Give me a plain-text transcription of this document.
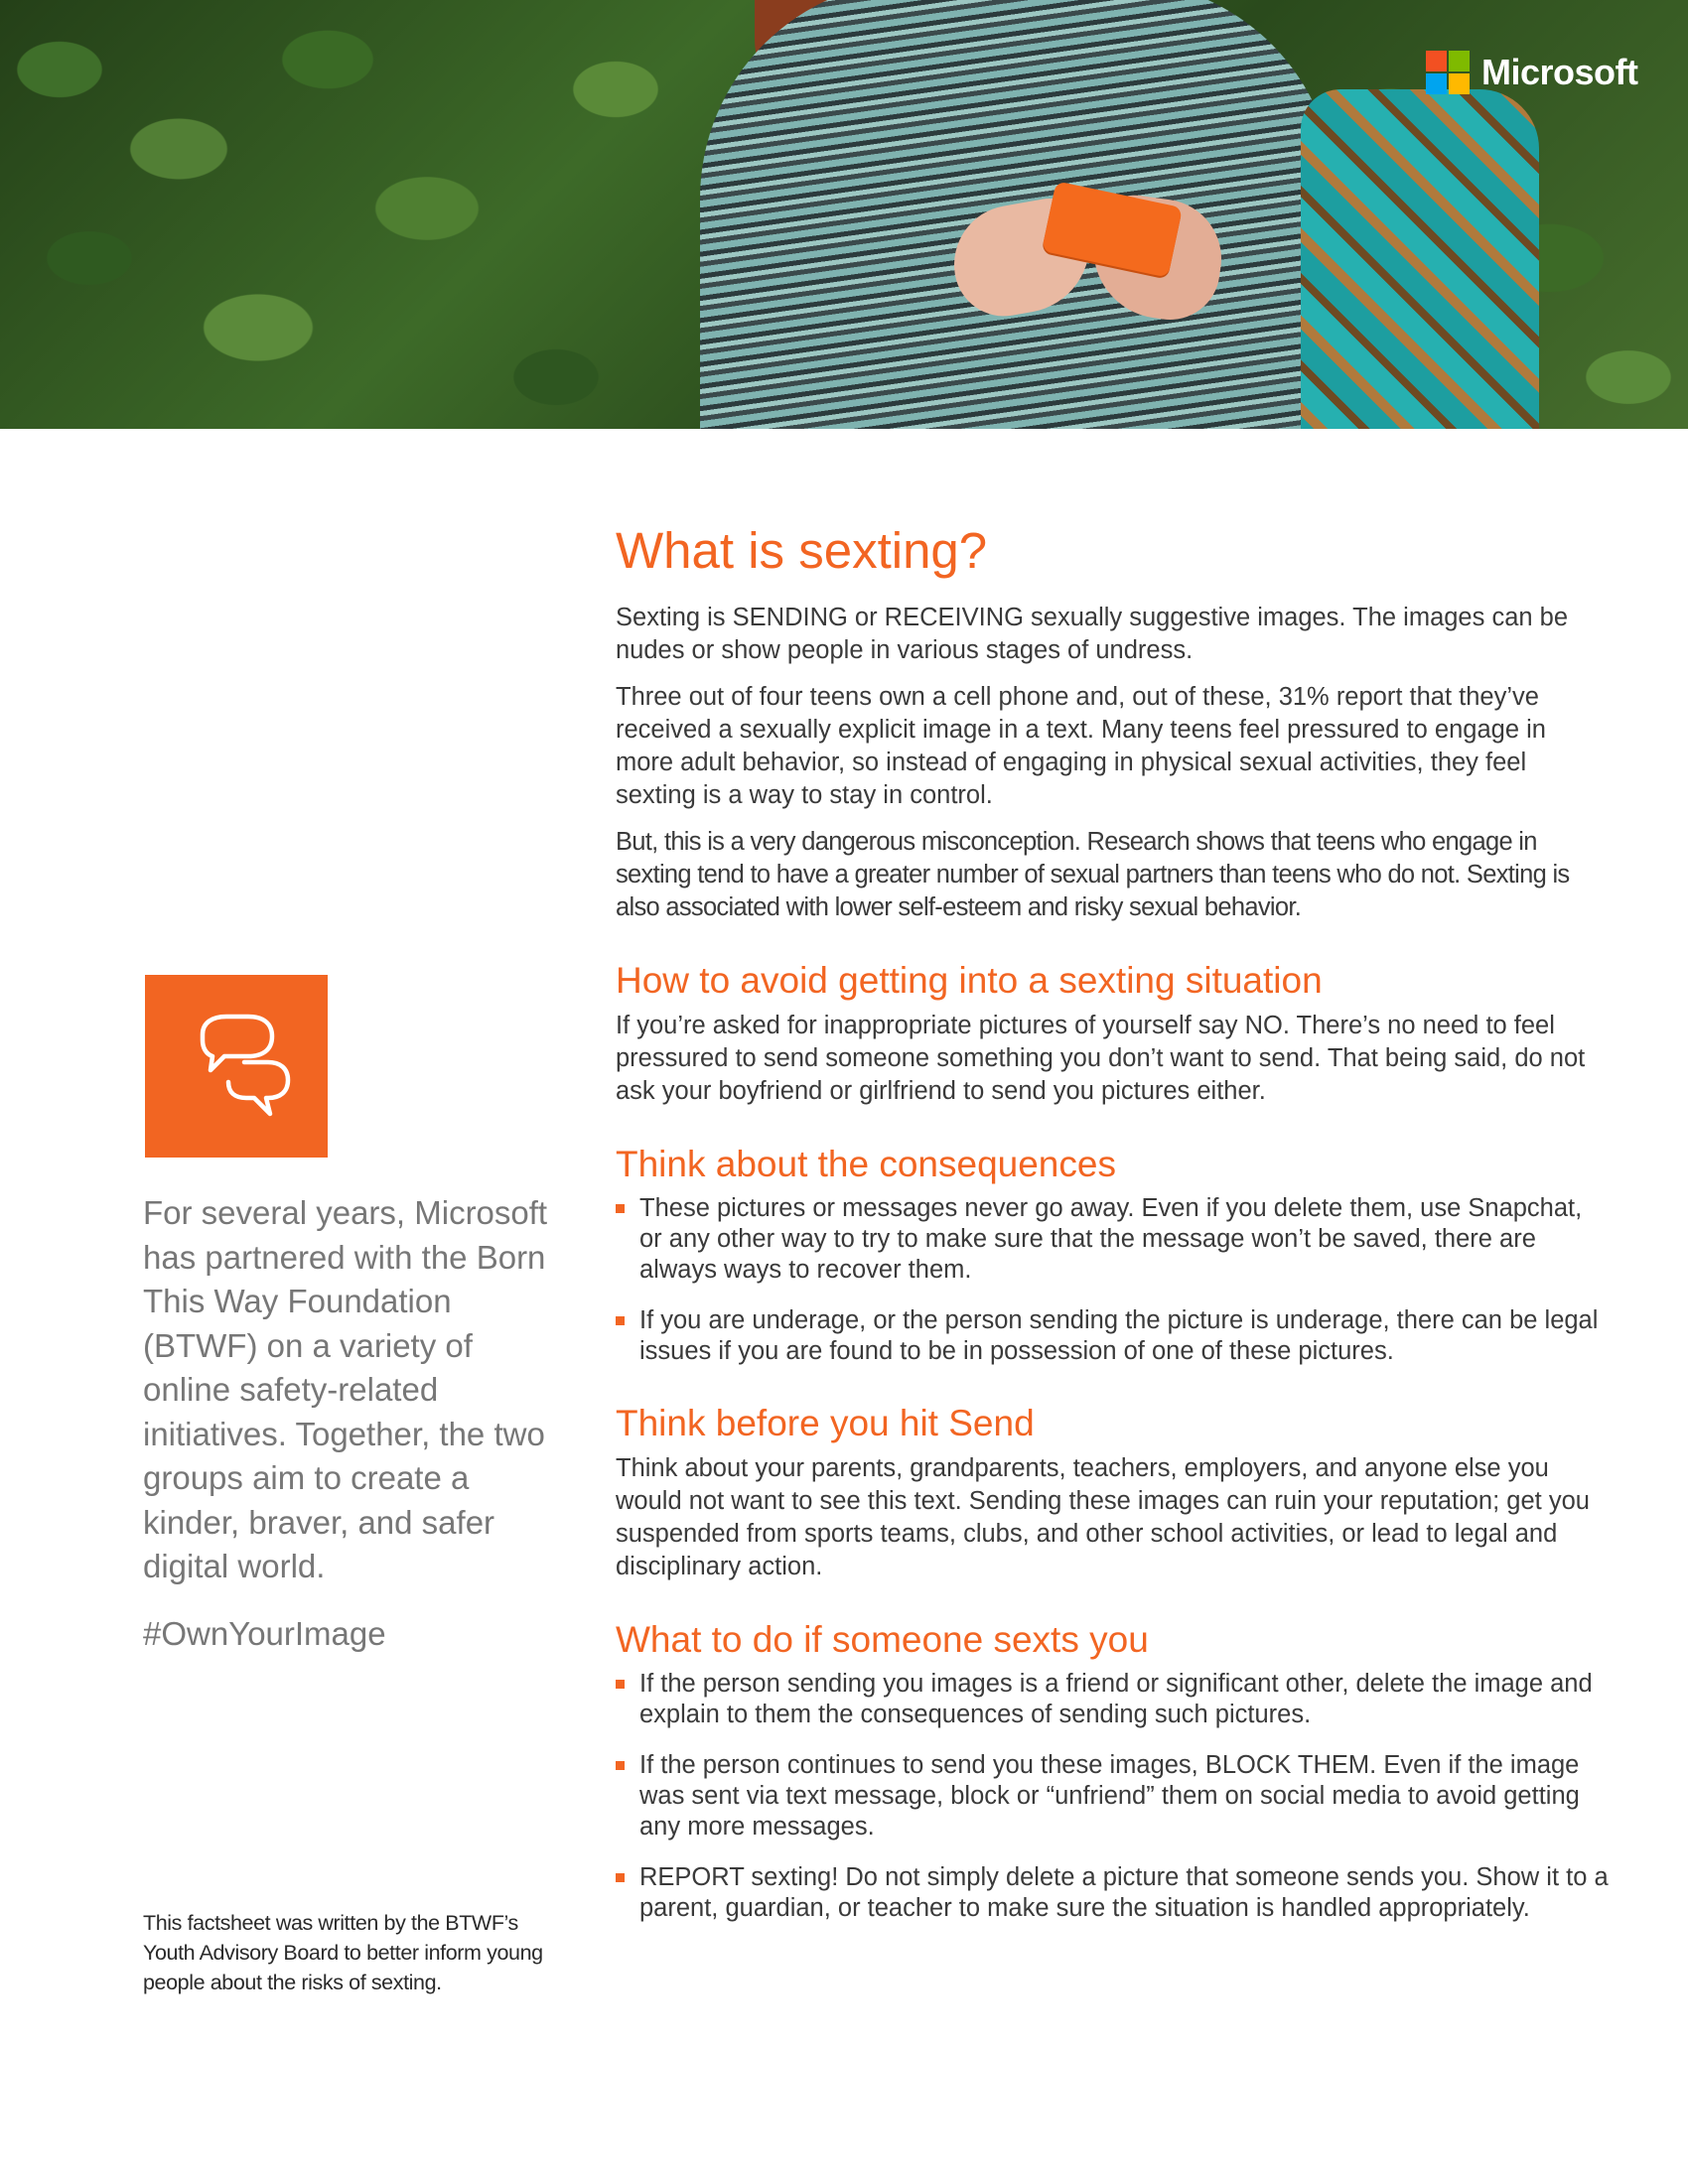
Microsoft

For several years, Microsoft has partnered with the Born This Way Foundation (BTWF) on a variety of online safety-related initiatives. Together, the two groups aim to create a kinder, braver, and safer digital world.

#OwnYourImage

This factsheet was written by the BTWF’s Youth Advisory Board to better inform young people about the risks of sexting.

What is sexting?

Sexting is SENDING or RECEIVING sexually suggestive images. The images can be nudes or show people in various stages of undress.

Three out of four teens own a cell phone and, out of these, 31% report that they’ve received a sexually explicit image in a text. Many teens feel pressured to engage in more adult behavior, so instead of engaging in physical sexual activities, they feel sexting is a way to stay in control.

But, this is a very dangerous misconception. Research shows that teens who engage in sexting tend to have a greater number of sexual partners than teens who do not. Sexting is also associated with lower self-esteem and risky sexual behavior.

How to avoid getting into a sexting situation

If you’re asked for inappropriate pictures of yourself say NO. There’s no need to feel pressured to send someone something you don’t want to send. That being said, do not ask your boyfriend or girlfriend to send you pictures either.

Think about the consequences
These pictures or messages never go away. Even if you delete them, use Snapchat, or any other way to try to make sure that the message won’t be saved, there are always ways to recover them.
If you are underage, or the person sending the picture is underage, there can be legal issues if you are found to be in possession of one of these pictures.
Think before you hit Send

Think about your parents, grandparents, teachers, employers, and anyone else you would not want to see this text. Sending these images can ruin your reputation; get you suspended from sports teams, clubs, and other school activities, or lead to legal and disciplinary action.

What to do if someone sexts you
If the person sending you images is a friend or significant other, delete the image and explain to them the consequences of sending such pictures.
If the person continues to send you these images, BLOCK THEM. Even if the image was sent via text message, block or “unfriend” them on social media to avoid getting any more messages.
REPORT sexting! Do not simply delete a picture that someone sends you. Show it to a parent, guardian, or teacher to make sure the situation is handled appropriately.
